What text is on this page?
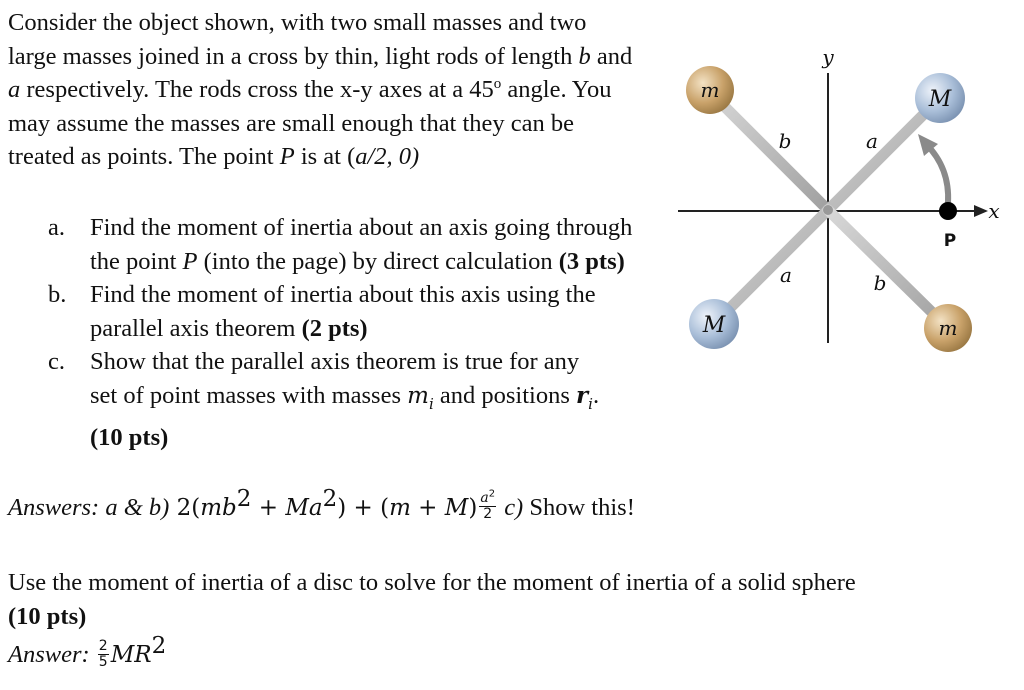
Consider the object shown, with two small masses and two large masses joined in a cross by thin, light rods of length b and a respectively. The rods cross the x-y axes at a 45$^o$ angle. You may assume the masses are small enough that they can be treated as points. The point P is at (a/2, 0)
a. Find the moment of inertia about an axis going through the point P (into the page) by direct calculation (3 pts)
b. Find the moment of inertia about this axis using the parallel axis theorem (2 pts)
c. Show that the parallel axis theorem is true for any set of point masses with masses $m_i$ and positions $r_i$. (10 pts)
Answers: a & b) $2(mb^2 + Ma^2) + (m + M) \frac{a^2}{2} c$) Show this!
Use the moment of inertia of a disc to solve for the moment of inertia of a solid sphere
(10 pts)
Answer: $\frac{2}{5} MR^2$
m	M
M	m
b	a
a	b
y
x
P
